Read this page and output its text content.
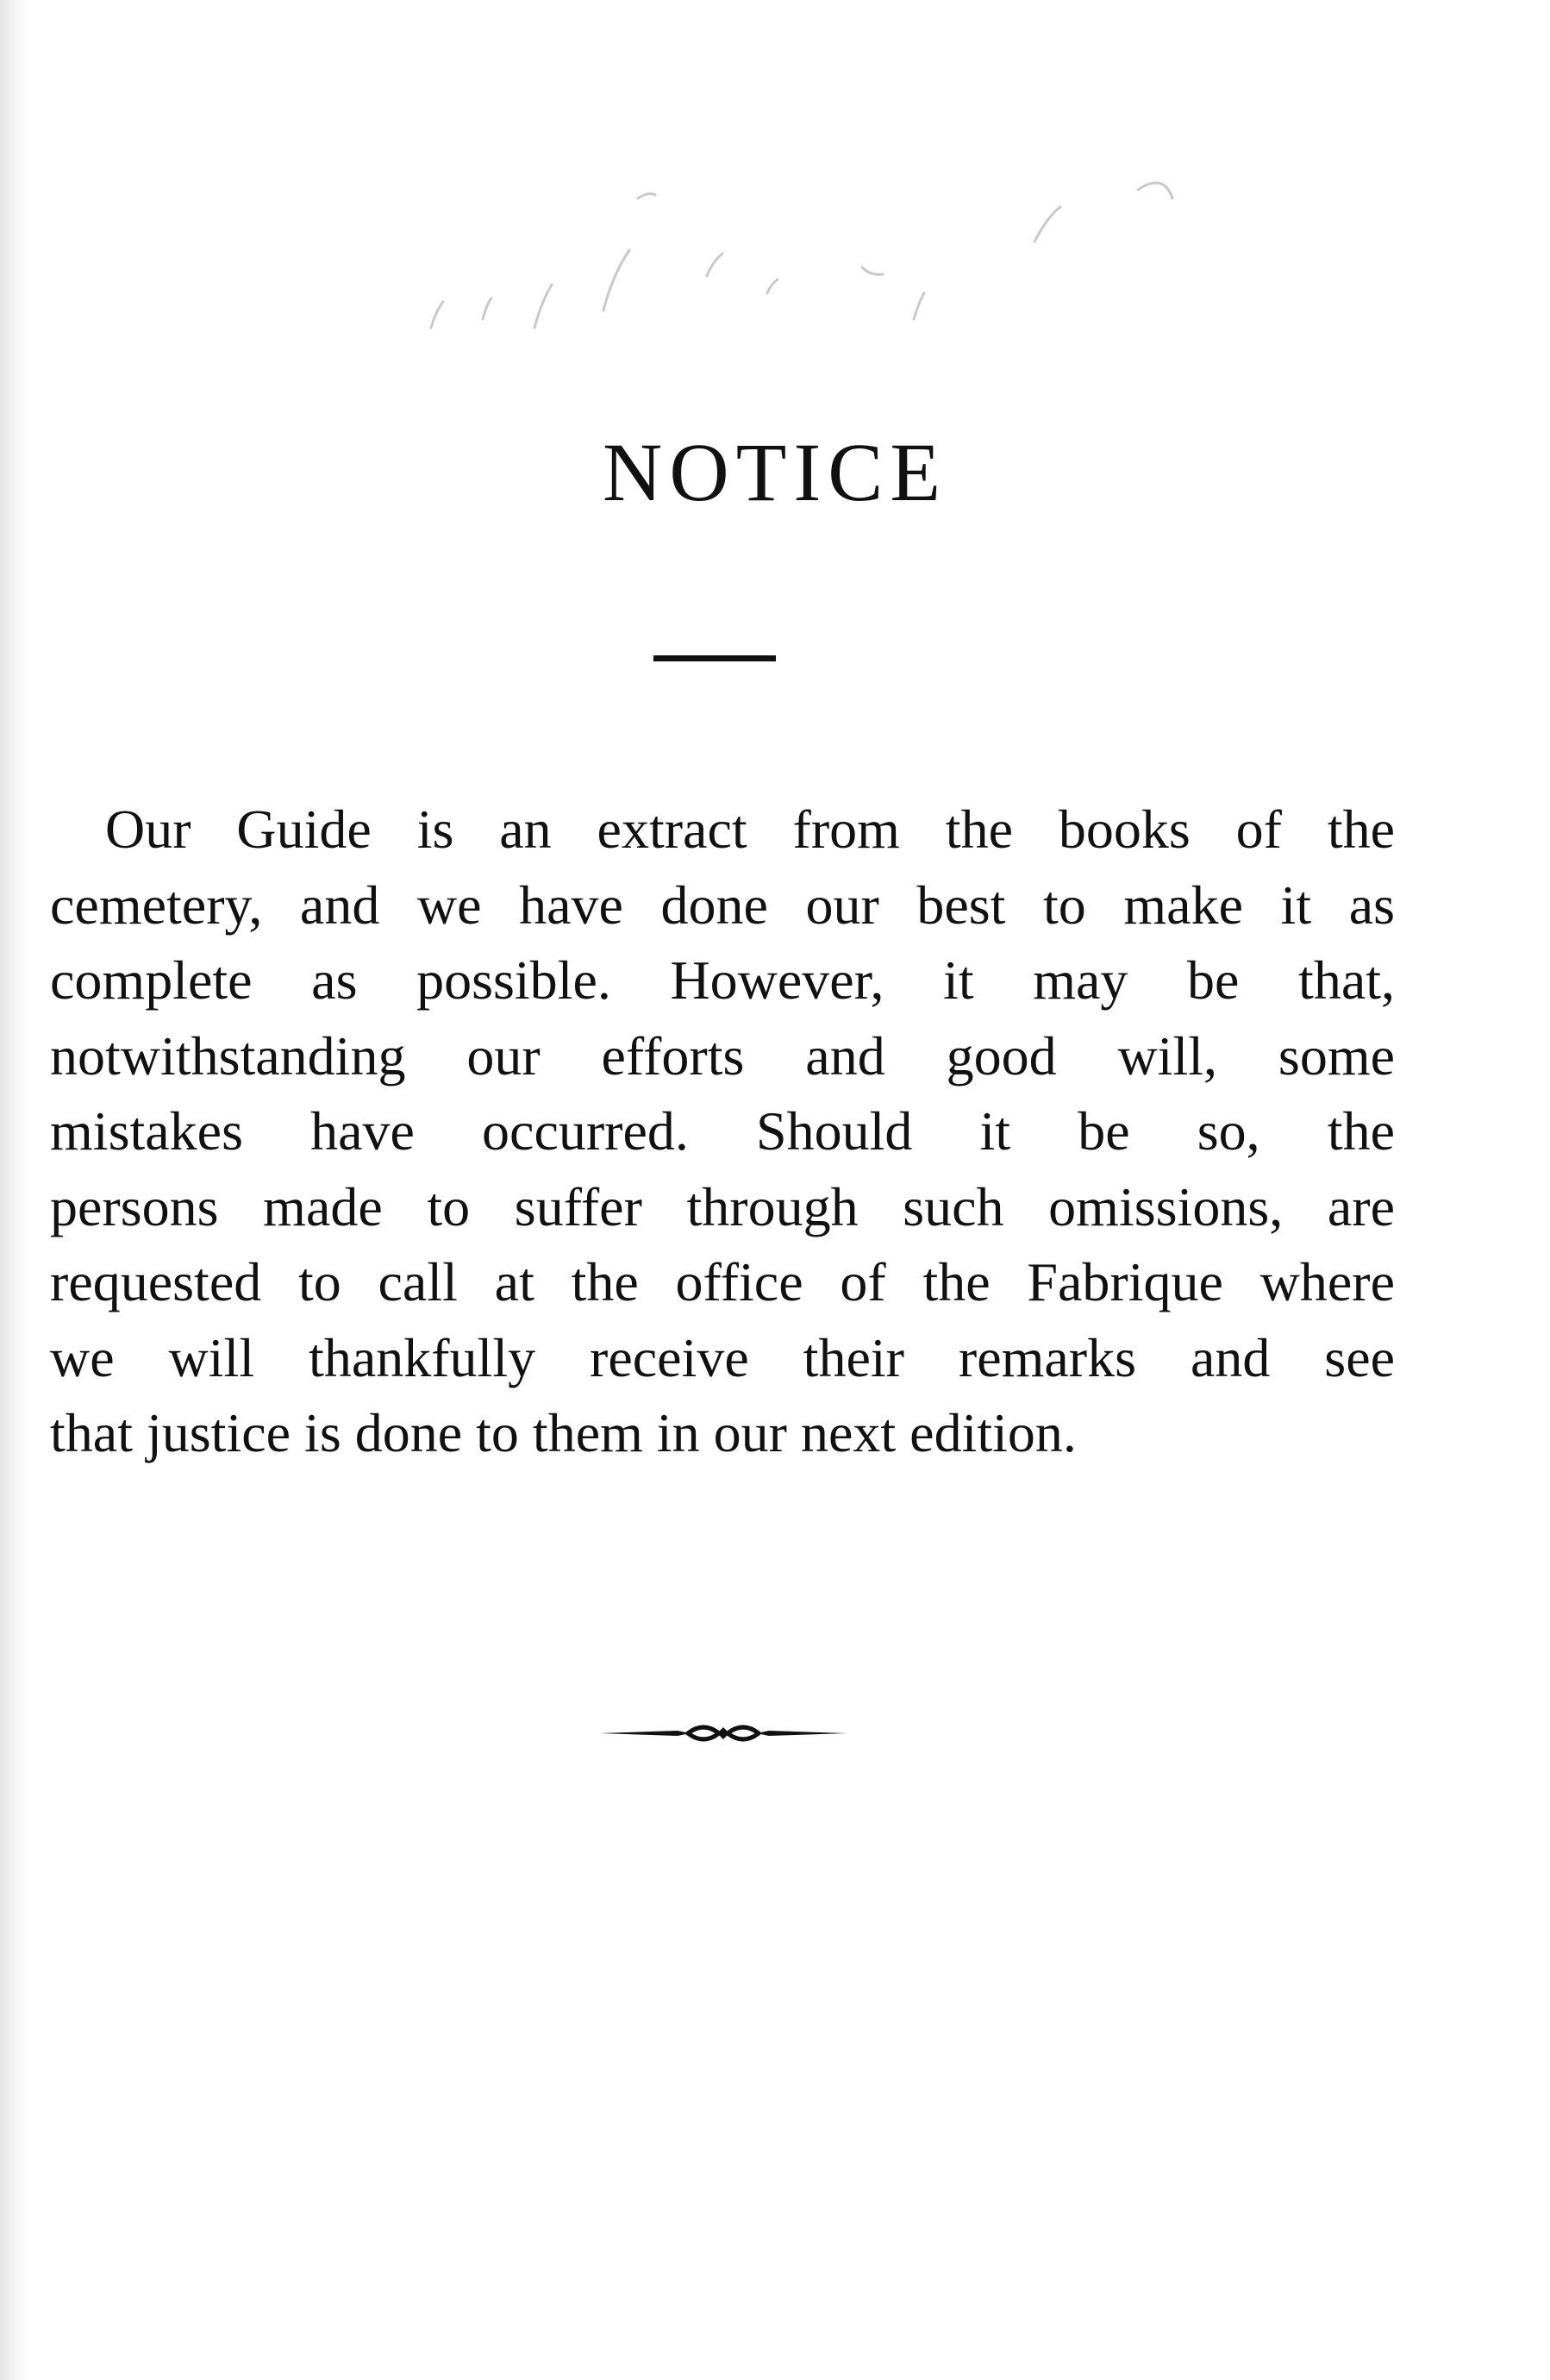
NOTICE
Our Guide is an extract from the books of the
cemetery, and we have done our best to make it as
complete as possible. However, it may be that,
notwithstanding our efforts and good will, some
mistakes have occurred. Should it be so, the
persons made to suffer through such omissions, are
requested to call at the office of the Fabrique where
we will thankfully receive their remarks and see
that justice is done to them in our next edition.
